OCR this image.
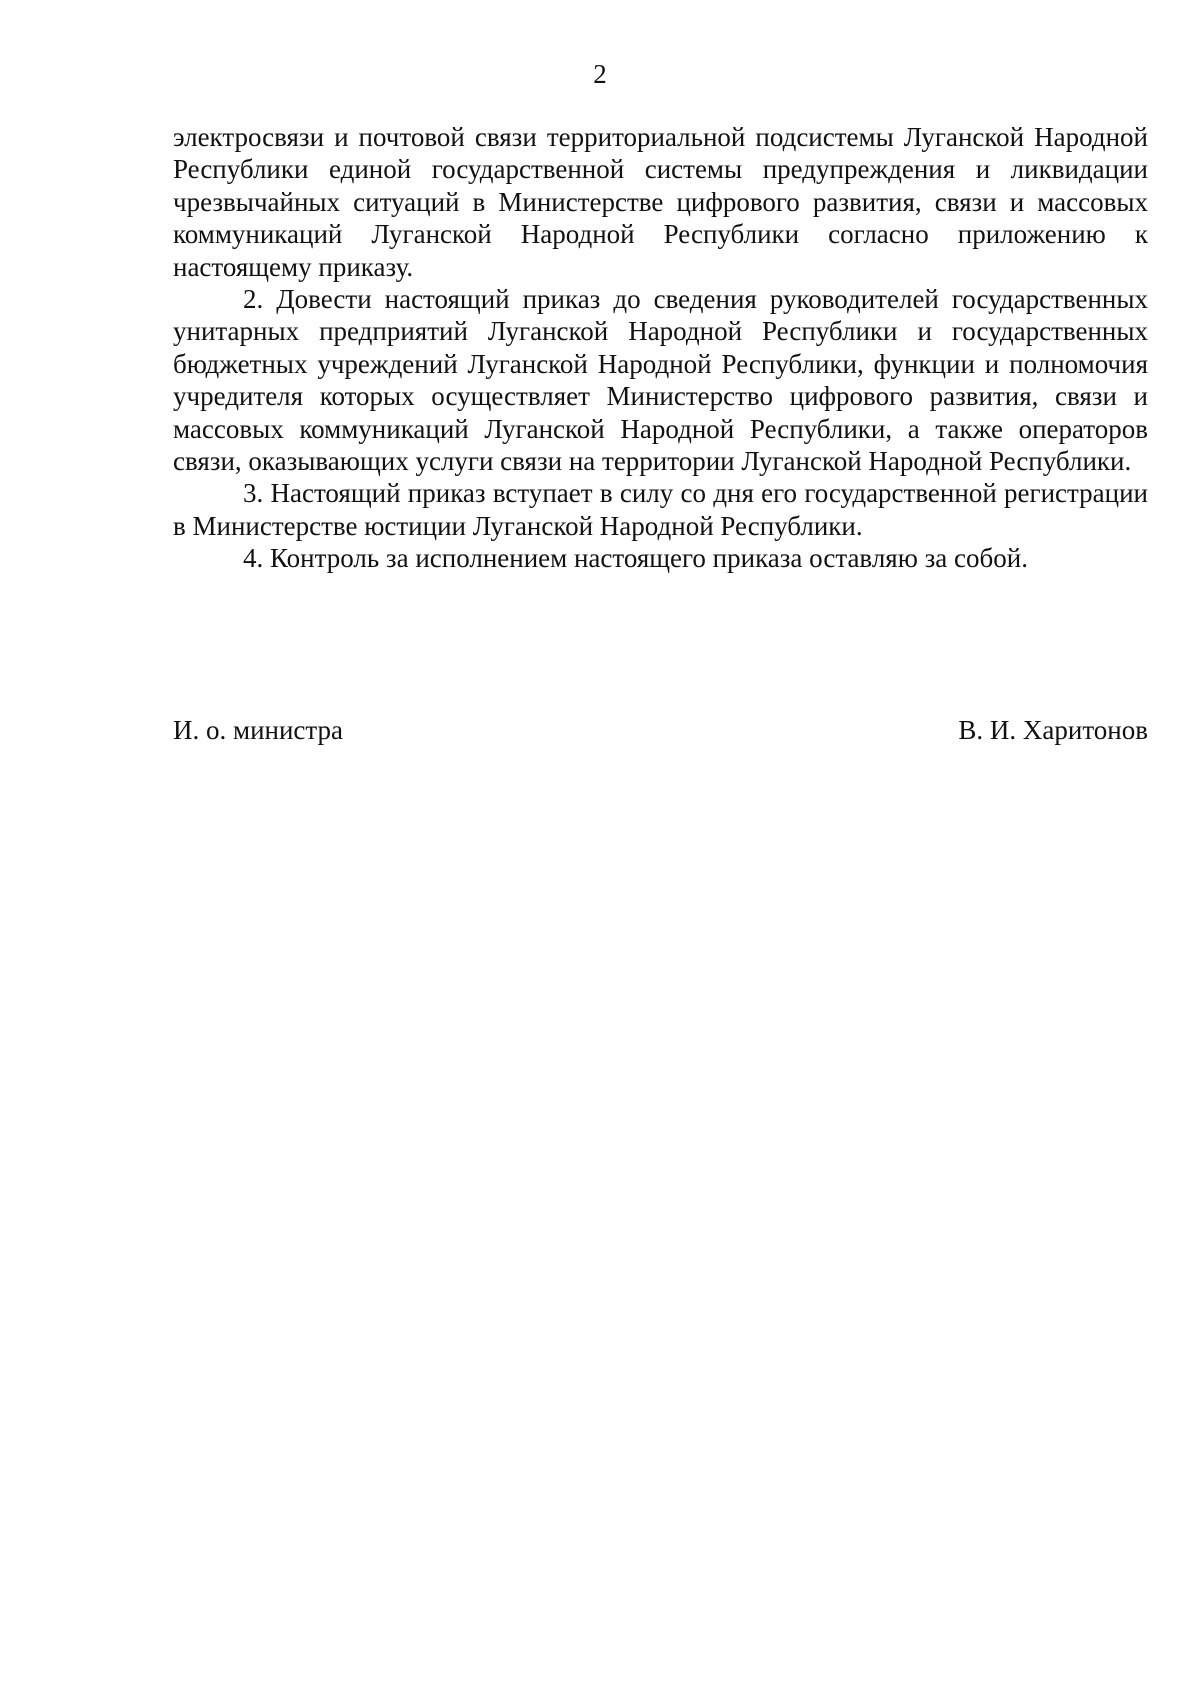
2

электросвязи и почтовой связи территориальной подсистемы Луганской Народной Республики единой государственной системы предупреждения и ликвидации чрезвычайных ситуаций в Министерстве цифрового развития, связи и массовых коммуникаций Луганской Народной Республики согласно приложению к настоящему приказу.

2. Довести настоящий приказ до сведения руководителей государственных унитарных предприятий Луганской Народной Республики и государственных бюджетных учреждений Луганской Народной Республики, функции и полномочия учредителя которых осуществляет Министерство цифрового развития, связи и массовых коммуникаций Луганской Народной Республики, а также операторов связи, оказывающих услуги связи на территории Луганской Народной Республики.

3. Настоящий приказ вступает в силу со дня его государственной регистрации в Министерстве юстиции Луганской Народной Республики.

4. Контроль за исполнением настоящего приказа оставляю за собой.

И. о. министра	В. И. Харитонов
